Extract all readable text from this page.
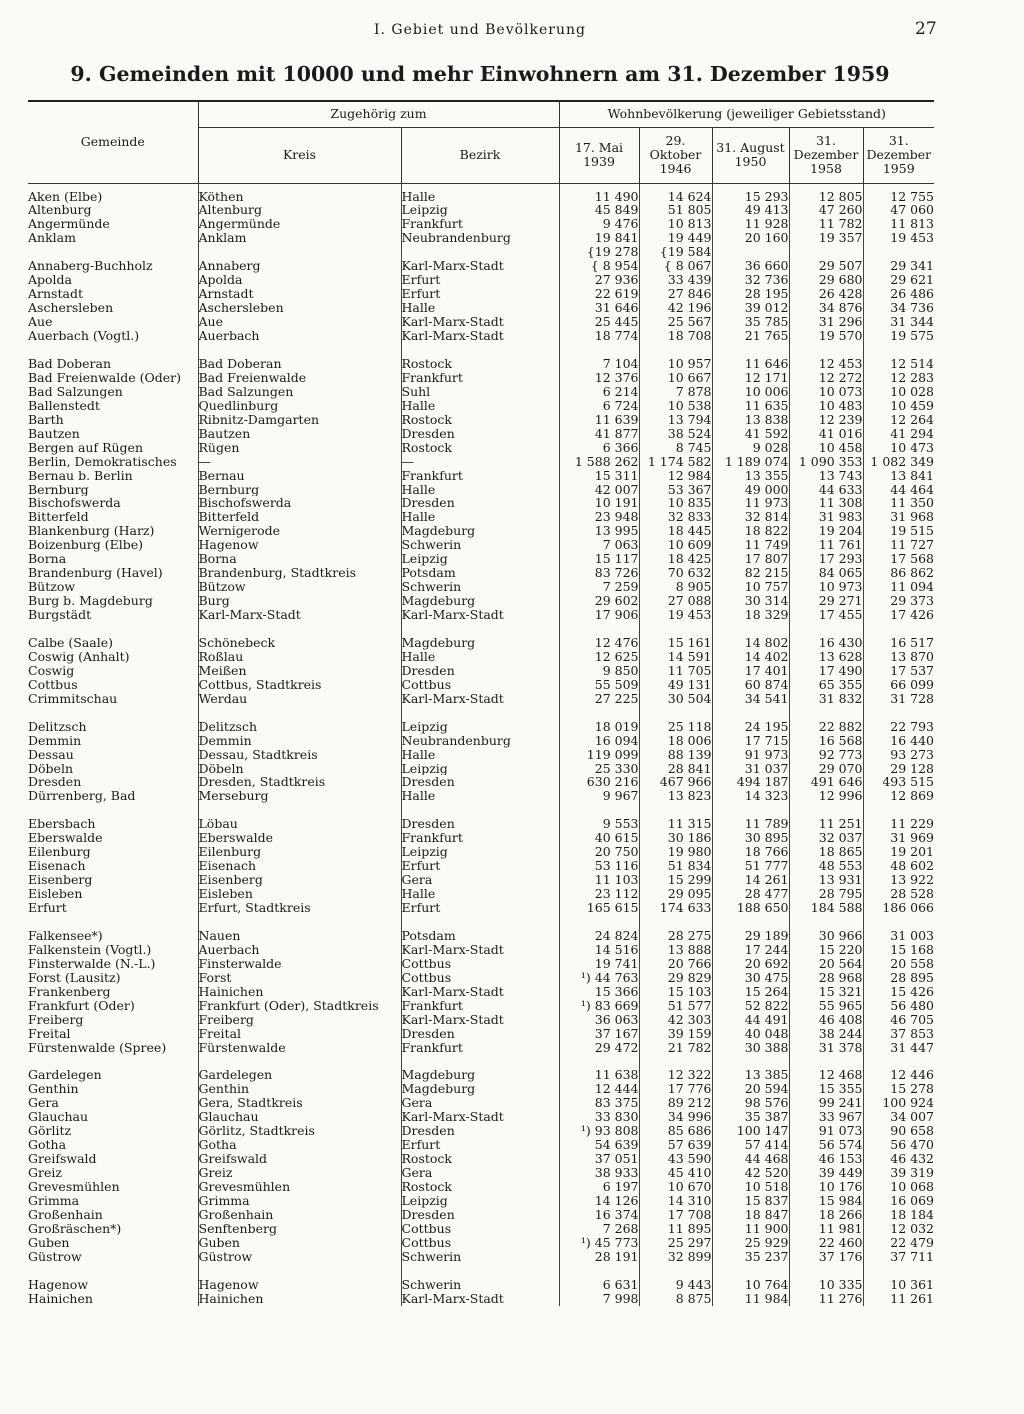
I. Gebiet und Bevölkerung	27
9. Gemeinden mit 10000 und mehr Einwohnern am 31. Dezember 1959
Gemeinde	Zugehörig zum		Wohnbevölkerung (jeweiliger Gebietsstand)				
	Kreis	Bezirk	17. Mai 1939	29. Oktober 1946	31. August 1950	31. Dezember 1958	31. Dezember 1959

Aken (Elbe)	Köthen	Halle	11 490	14 624	15 293	12 805	12 755
Altenburg	Altenburg	Leipzig	45 849	51 805	49 413	47 260	47 060
Angermünde	Angermünde	Frankfurt	9 476	10 813	11 928	11 782	11 813
Anklam	Anklam	Neubrandenburg	19 841	19 449	20 160	19 357	19 453
			{19 278	{19 584			
Annaberg-Buchholz	Annaberg	Karl-Marx-Stadt	{ 8 954	{ 8 067	36 660	29 507	29 341
Apolda	Apolda	Erfurt	27 936	33 439	32 736	29 680	29 621
Arnstadt	Arnstadt	Erfurt	22 619	27 846	28 195	26 428	26 486
Aschersleben	Aschersleben	Halle	31 646	42 196	39 012	34 876	34 736
Aue	Aue	Karl-Marx-Stadt	25 445	25 567	35 785	31 296	31 344
Auerbach (Vogtl.)	Auerbach	Karl-Marx-Stadt	18 774	18 708	21 765	19 570	19 575

Bad Doberan	Bad Doberan	Rostock	7 104	10 957	11 646	12 453	12 514
Bad Freienwalde (Oder)	Bad Freienwalde	Frankfurt	12 376	10 667	12 171	12 272	12 283
Bad Salzungen	Bad Salzungen	Suhl	6 214	7 878	10 006	10 073	10 028
Ballenstedt	Quedlinburg	Halle	6 724	10 538	11 635	10 483	10 459
Barth	Ribnitz-Damgarten	Rostock	11 639	13 794	13 838	12 239	12 264
Bautzen	Bautzen	Dresden	41 877	38 524	41 592	41 016	41 294
Bergen auf Rügen	Rügen	Rostock	6 366	8 745	9 028	10 458	10 473
Berlin, Demokratisches	—	—	1 588 262	1 174 582	1 189 074	1 090 353	1 082 349
Bernau b. Berlin	Bernau	Frankfurt	15 311	12 984	13 355	13 743	13 841
Bernburg	Bernburg	Halle	42 007	53 367	49 000	44 633	44 464
Bischofswerda	Bischofswerda	Dresden	10 191	10 835	11 973	11 308	11 350
Bitterfeld	Bitterfeld	Halle	23 948	32 833	32 814	31 983	31 968
Blankenburg (Harz)	Wernigerode	Magdeburg	13 995	18 445	18 822	19 204	19 515
Boizenburg (Elbe)	Hagenow	Schwerin	7 063	10 609	11 749	11 761	11 727
Borna	Borna	Leipzig	15 117	18 425	17 807	17 293	17 568
Brandenburg (Havel)	Brandenburg, Stadtkreis	Potsdam	83 726	70 632	82 215	84 065	86 862
Bützow	Bützow	Schwerin	7 259	8 905	10 757	10 973	11 094
Burg b. Magdeburg	Burg	Magdeburg	29 602	27 088	30 314	29 271	29 373
Burgstädt	Karl-Marx-Stadt	Karl-Marx-Stadt	17 906	19 453	18 329	17 455	17 426

Calbe (Saale)	Schönebeck	Magdeburg	12 476	15 161	14 802	16 430	16 517
Coswig (Anhalt)	Roßlau	Halle	12 625	14 591	14 402	13 628	13 870
Coswig	Meißen	Dresden	9 850	11 705	17 401	17 490	17 537
Cottbus	Cottbus, Stadtkreis	Cottbus	55 509	49 131	60 874	65 355	66 099
Crimmitschau	Werdau	Karl-Marx-Stadt	27 225	30 504	34 541	31 832	31 728

Delitzsch	Delitzsch	Leipzig	18 019	25 118	24 195	22 882	22 793
Demmin	Demmin	Neubrandenburg	16 094	18 006	17 715	16 568	16 440
Dessau	Dessau, Stadtkreis	Halle	119 099	88 139	91 973	92 773	93 273
Döbeln	Döbeln	Leipzig	25 330	28 841	31 037	29 070	29 128
Dresden	Dresden, Stadtkreis	Dresden	630 216	467 966	494 187	491 646	493 515
Dürrenberg, Bad	Merseburg	Halle	9 967	13 823	14 323	12 996	12 869

Ebersbach	Löbau	Dresden	9 553	11 315	11 789	11 251	11 229
Eberswalde	Eberswalde	Frankfurt	40 615	30 186	30 895	32 037	31 969
Eilenburg	Eilenburg	Leipzig	20 750	19 980	18 766	18 865	19 201
Eisenach	Eisenach	Erfurt	53 116	51 834	51 777	48 553	48 602
Eisenberg	Eisenberg	Gera	11 103	15 299	14 261	13 931	13 922
Eisleben	Eisleben	Halle	23 112	29 095	28 477	28 795	28 528
Erfurt	Erfurt, Stadtkreis	Erfurt	165 615	174 633	188 650	184 588	186 066

Falkensee*)	Nauen	Potsdam	24 824	28 275	29 189	30 966	31 003
Falkenstein (Vogtl.)	Auerbach	Karl-Marx-Stadt	14 516	13 888	17 244	15 220	15 168
Finsterwalde (N.-L.)	Finsterwalde	Cottbus	19 741	20 766	20 692	20 564	20 558
Forst (Lausitz)	Forst	Cottbus	¹) 44 763	29 829	30 475	28 968	28 895
Frankenberg	Hainichen	Karl-Marx-Stadt	15 366	15 103	15 264	15 321	15 426
Frankfurt (Oder)	Frankfurt (Oder), Stadtkreis	Frankfurt	¹) 83 669	51 577	52 822	55 965	56 480
Freiberg	Freiberg	Karl-Marx-Stadt	36 063	42 303	44 491	46 408	46 705
Freital	Freital	Dresden	37 167	39 159	40 048	38 244	37 853
Fürstenwalde (Spree)	Fürstenwalde	Frankfurt	29 472	21 782	30 388	31 378	31 447

Gardelegen	Gardelegen	Magdeburg	11 638	12 322	13 385	12 468	12 446
Genthin	Genthin	Magdeburg	12 444	17 776	20 594	15 355	15 278
Gera	Gera, Stadtkreis	Gera	83 375	89 212	98 576	99 241	100 924
Glauchau	Glauchau	Karl-Marx-Stadt	33 830	34 996	35 387	33 967	34 007
Görlitz	Görlitz, Stadtkreis	Dresden	¹) 93 808	85 686	100 147	91 073	90 658
Gotha	Gotha	Erfurt	54 639	57 639	57 414	56 574	56 470
Greifswald	Greifswald	Rostock	37 051	43 590	44 468	46 153	46 432
Greiz	Greiz	Gera	38 933	45 410	42 520	39 449	39 319
Grevesmühlen	Grevesmühlen	Rostock	6 197	10 670	10 518	10 176	10 068
Grimma	Grimma	Leipzig	14 126	14 310	15 837	15 984	16 069
Großenhain	Großenhain	Dresden	16 374	17 708	18 847	18 266	18 184
Großräschen*)	Senftenberg	Cottbus	7 268	11 895	11 900	11 981	12 032
Guben	Guben	Cottbus	¹) 45 773	25 297	25 929	22 460	22 479
Güstrow	Güstrow	Schwerin	28 191	32 899	35 237	37 176	37 711

Hagenow	Hagenow	Schwerin	6 631	9 443	10 764	10 335	10 361
Hainichen	Hainichen	Karl-Marx-Stadt	7 998	8 875	11 984	11 276	11 261
